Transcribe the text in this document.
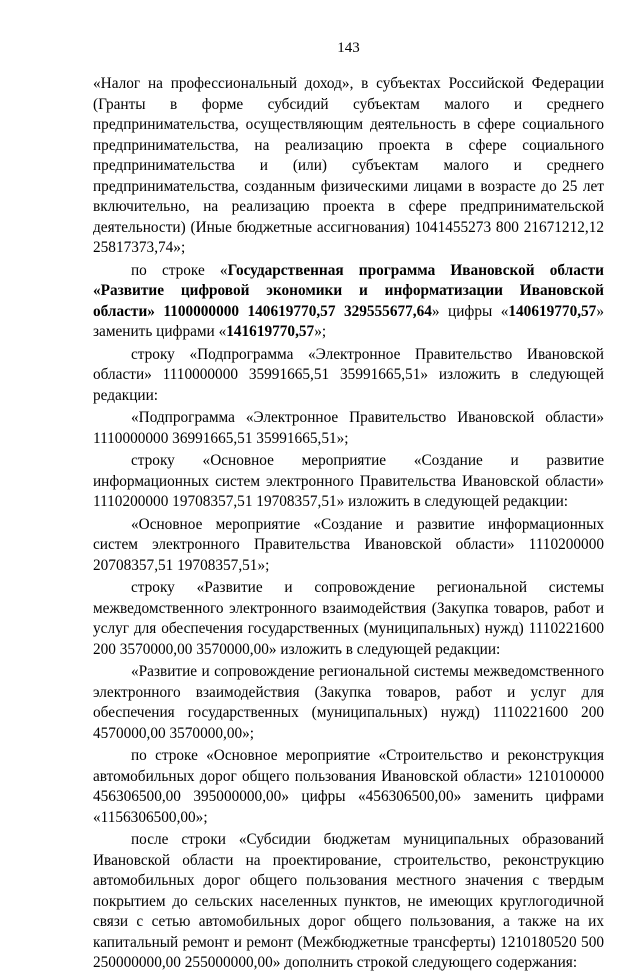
143

«Налог на профессиональный доход», в субъектах Российской Федерации (Гранты в форме субсидий субъектам малого и среднего предпринимательства, осуществляющим деятельность в сфере социального предпринимательства, на реализацию проекта в сфере социального предпринимательства и (или) субъектам малого и среднего предпринимательства, созданным физическими лицами в возрасте до 25 лет включительно, на реализацию проекта в сфере предпринимательской деятельности) (Иные бюджетные ассигнования) 1041455273 800 21671212,12 25817373,74»;

по строке «Государственная программа Ивановской области «Развитие цифровой экономики и информатизации Ивановской области» 1100000000 140619770,57 329555677,64» цифры «140619770,57» заменить цифрами «141619770,57»;

строку «Подпрограмма «Электронное Правительство Ивановской области» 1110000000 35991665,51 35991665,51» изложить в следующей редакции:

«Подпрограмма «Электронное Правительство Ивановской области» 1110000000 36991665,51 35991665,51»;

строку «Основное мероприятие «Создание и развитие информационных систем электронного Правительства Ивановской области» 1110200000 19708357,51 19708357,51» изложить в следующей редакции:

«Основное мероприятие «Создание и развитие информационных систем электронного Правительства Ивановской области» 1110200000 20708357,51 19708357,51»;

строку «Развитие и сопровождение региональной системы межведомственного электронного взаимодействия (Закупка товаров, работ и услуг для обеспечения государственных (муниципальных) нужд) 1110221600 200 3570000,00 3570000,00» изложить в следующей редакции:

«Развитие и сопровождение региональной системы межведомственного электронного взаимодействия (Закупка товаров, работ и услуг для обеспечения государственных (муниципальных) нужд) 1110221600 200 4570000,00 3570000,00»;

по строке «Основное мероприятие «Строительство и реконструкция автомобильных дорог общего пользования Ивановской области» 1210100000 456306500,00 395000000,00» цифры «456306500,00» заменить цифрами «1156306500,00»;

после строки «Субсидии бюджетам муниципальных образований Ивановской области на проектирование, строительство, реконструкцию автомобильных дорог общего пользования местного значения с твердым покрытием до сельских населенных пунктов, не имеющих круглогодичной связи с сетью автомобильных дорог общего пользования, а также на их капитальный ремонт и ремонт (Межбюджетные трансферты) 1210180520 500 250000000,00 255000000,00» дополнить строкой следующего содержания:
